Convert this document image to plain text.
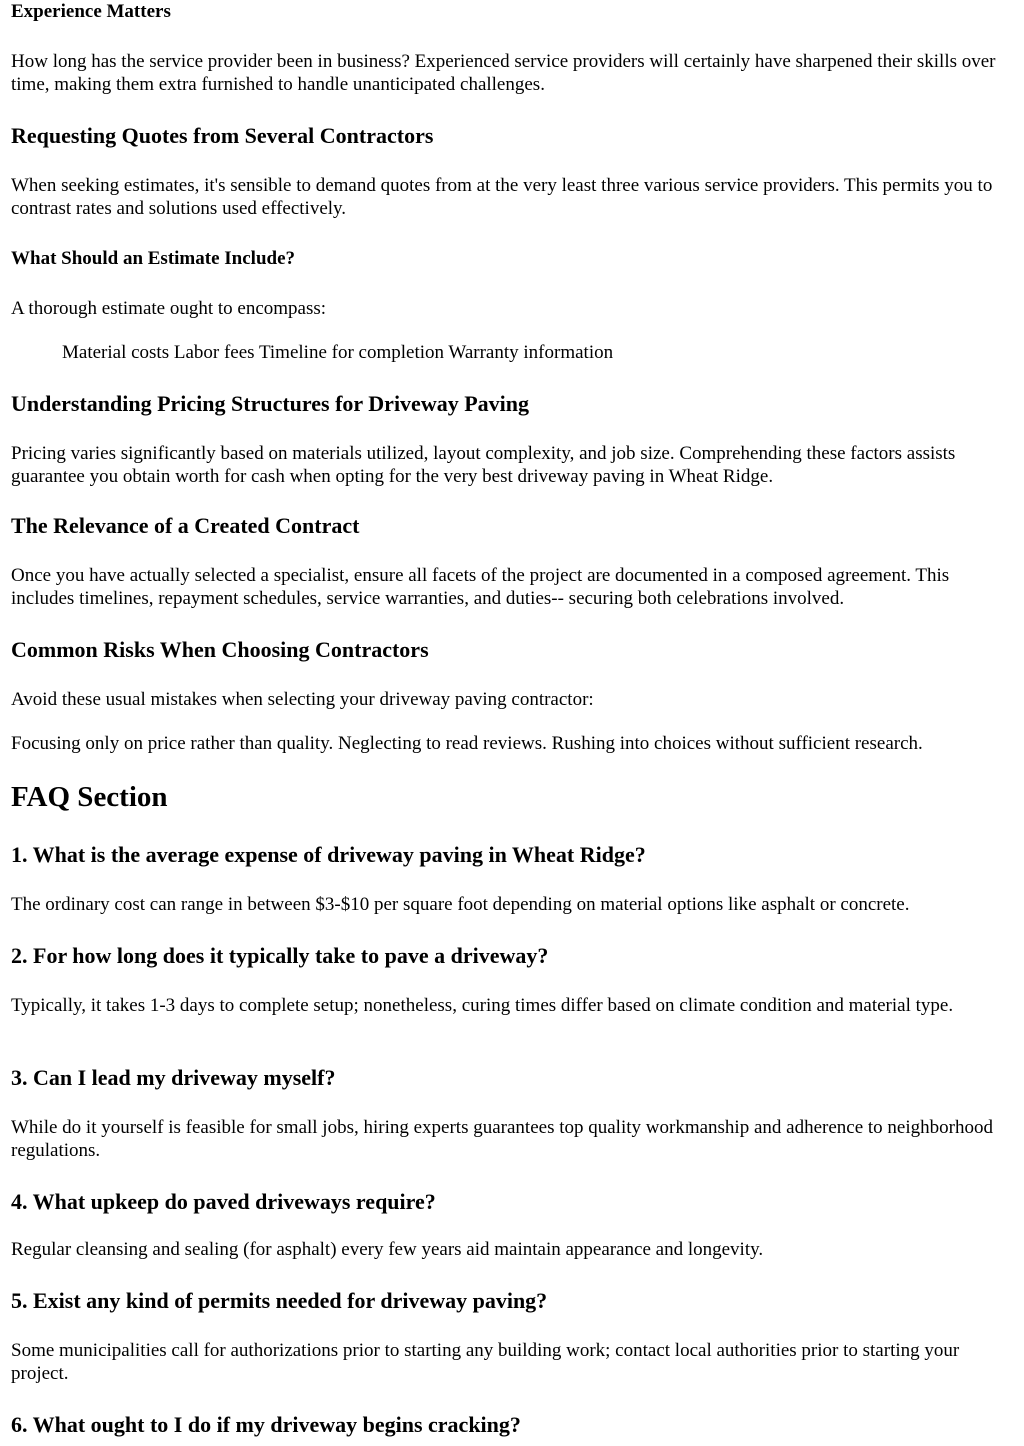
Experience Matters

How long has the service provider been in business? Experienced service providers will certainly have sharpened their skills over time, making them extra furnished to handle unanticipated challenges.

Requesting Quotes from Several Contractors

When seeking estimates, it's sensible to demand quotes from at the very least three various service providers. This permits you to contrast rates and solutions used effectively.

What Should an Estimate Include?

A thorough estimate ought to encompass:

Material costs Labor fees Timeline for completion Warranty information

Understanding Pricing Structures for Driveway Paving

Pricing varies significantly based on materials utilized, layout complexity, and job size. Comprehending these factors assists guarantee you obtain worth for cash when opting for the very best driveway paving in Wheat Ridge.

The Relevance of a Created Contract

Once you have actually selected a specialist, ensure all facets of the project are documented in a composed agreement. This includes timelines, repayment schedules, service warranties, and duties-- securing both celebrations involved.

Common Risks When Choosing Contractors

Avoid these usual mistakes when selecting your driveway paving contractor:

Focusing only on price rather than quality. Neglecting to read reviews. Rushing into choices without sufficient research.

FAQ Section
1. What is the average expense of driveway paving in Wheat Ridge?

The ordinary cost can range in between $3-$10 per square foot depending on material options like asphalt or concrete.

2. For how long does it typically take to pave a driveway?

Typically, it takes 1-3 days to complete setup; nonetheless, curing times differ based on climate condition and material type.

3. Can I lead my driveway myself?

While do it yourself is feasible for small jobs, hiring experts guarantees top quality workmanship and adherence to neighborhood regulations.

4. What upkeep do paved driveways require?

Regular cleansing and sealing (for asphalt) every few years aid maintain appearance and longevity.

5. Exist any kind of permits needed for driveway paving?

Some municipalities call for authorizations prior to starting any building work; contact local authorities prior to starting your project.

6. What ought to I do if my driveway begins cracking?
